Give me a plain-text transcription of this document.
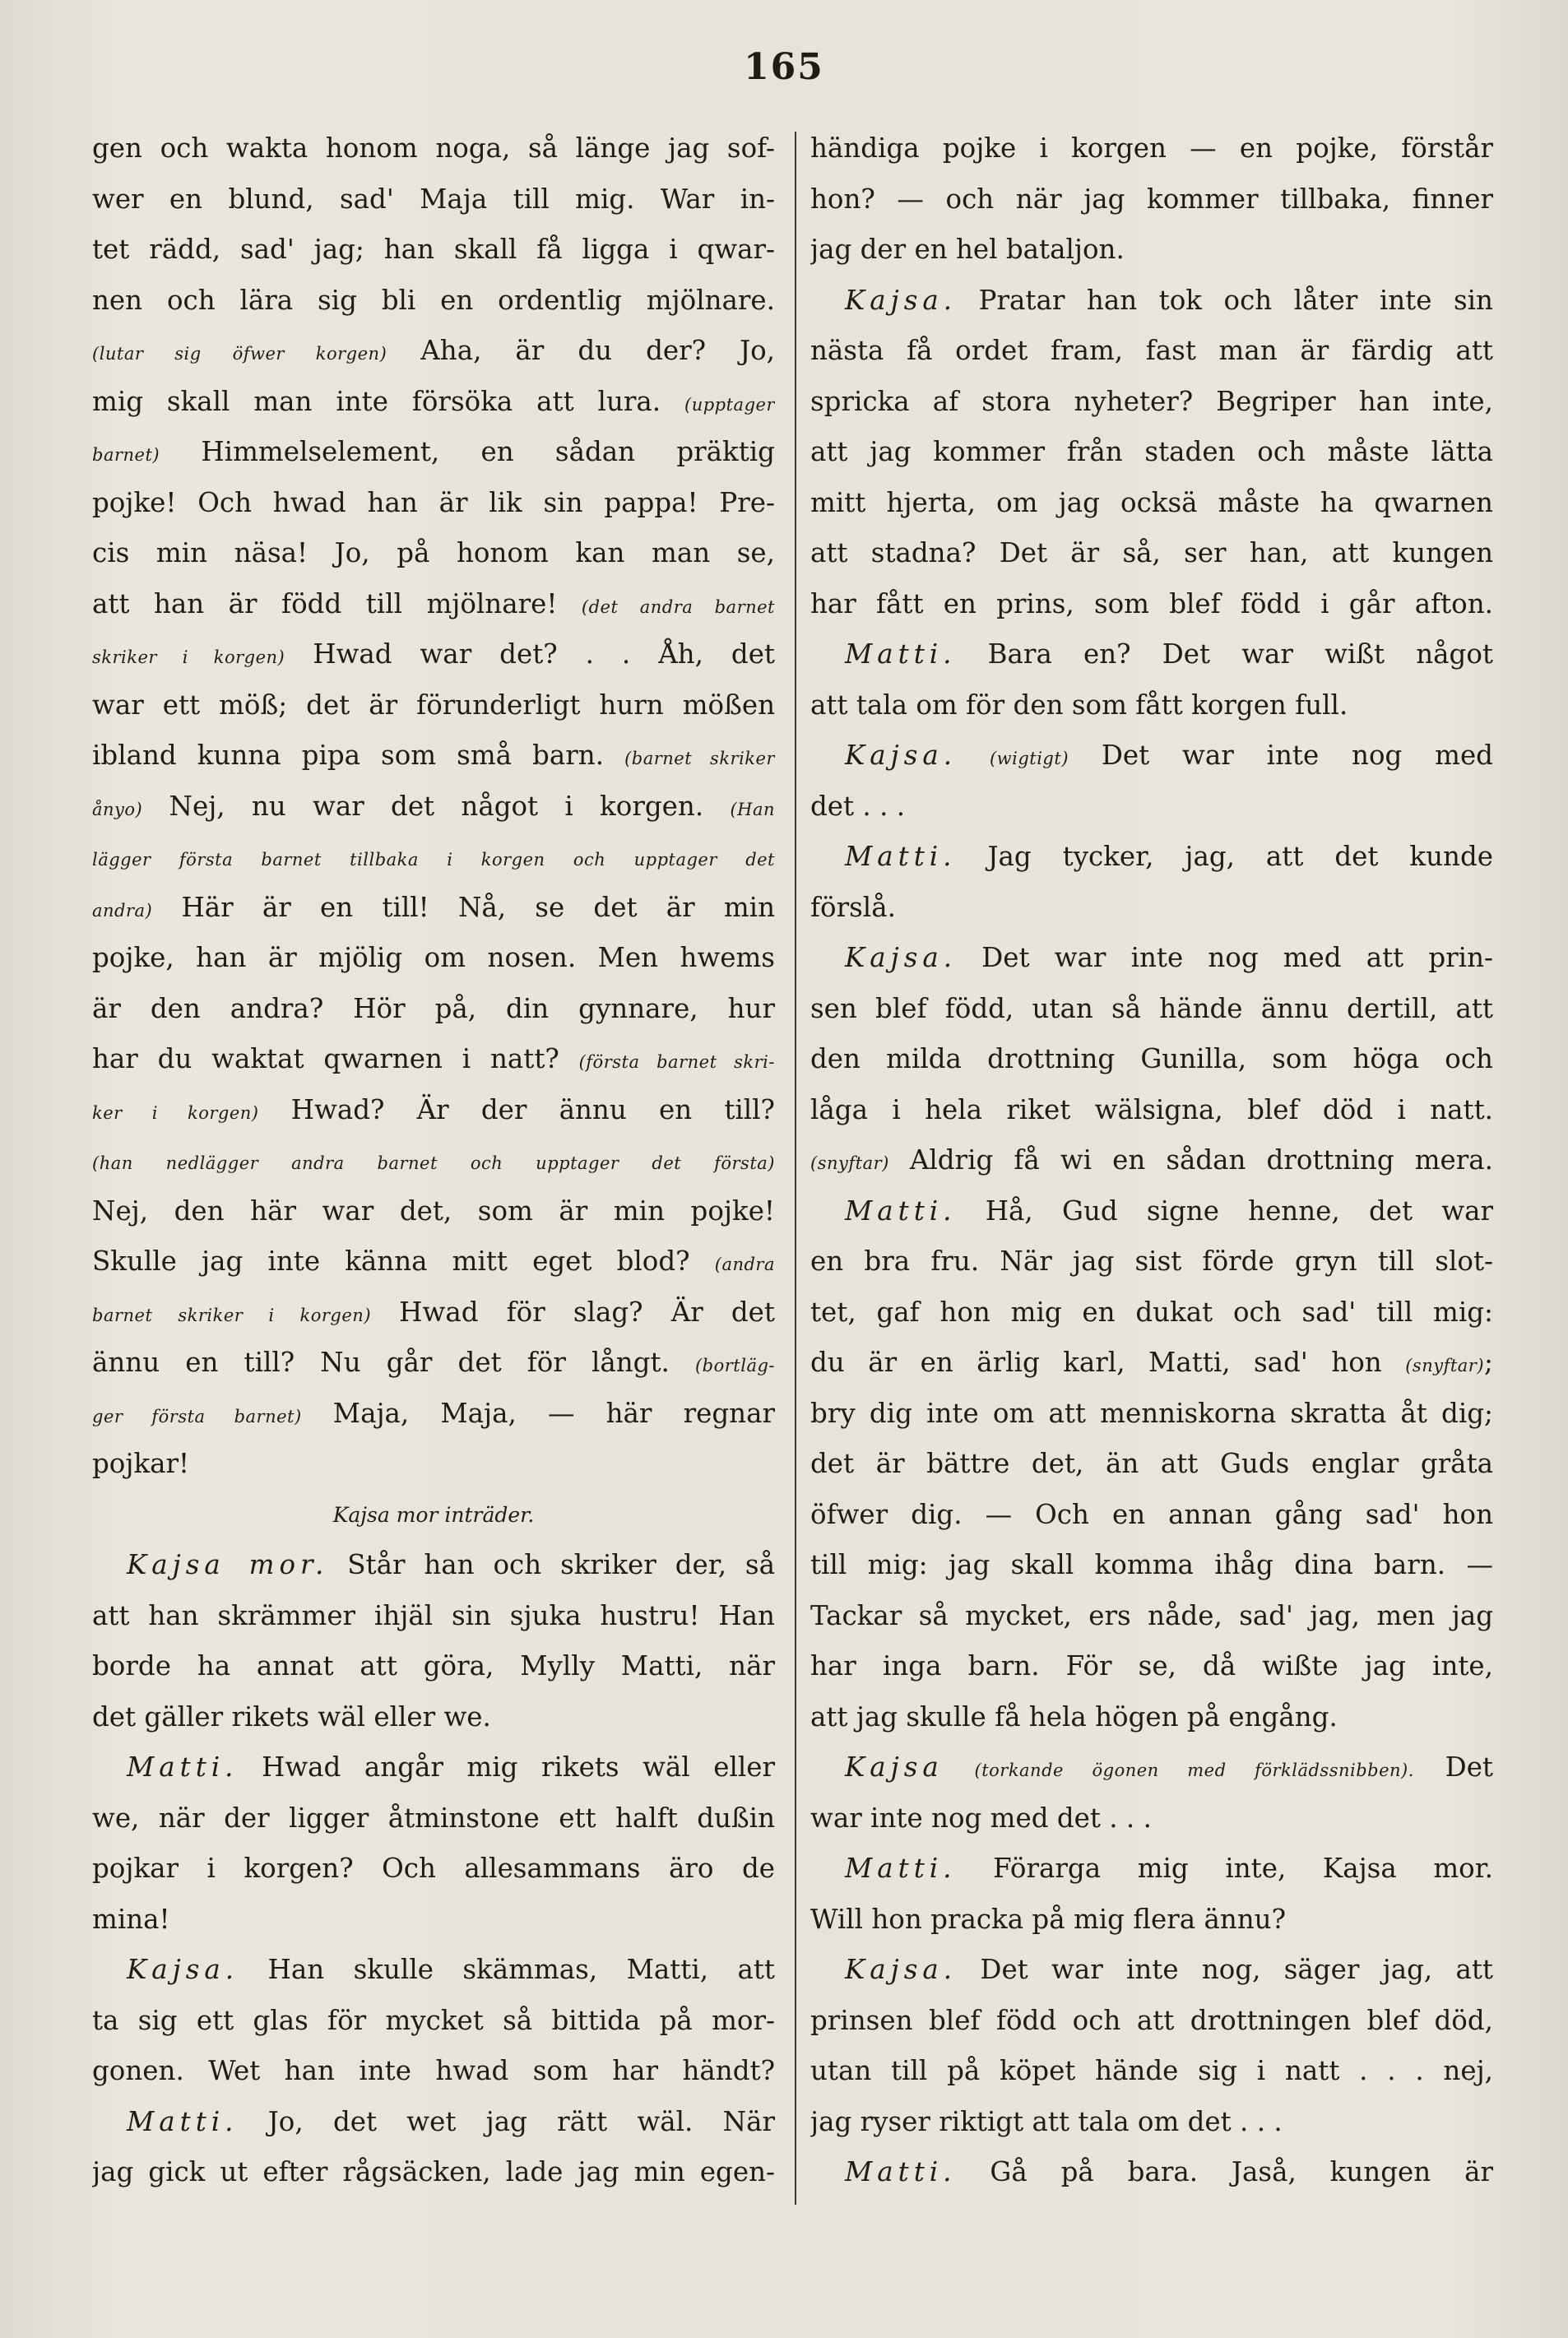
165
gen och wakta honom noga, så länge jag sof-
wer en blund, sad' Maja till mig. War in-
tet rädd, sad' jag; han skall få ligga i qwar-
nen och lära sig bli en ordentlig mjölnare.
(lutar sig öfwer korgen) Aha, är du der? Jo,
mig skall man inte försöka att lura. (upptager
barnet) Himmelselement, en sådan präktig
pojke! Och hwad han är lik sin pappa! Pre-
cis min näsa! Jo, på honom kan man se,
att han är född till mjölnare! (det andra barnet
skriker i korgen) Hwad war det? . . Åh, det
war ett möß; det är förunderligt hurn mößen
ibland kunna pipa som små barn. (barnet skriker
ånyo) Nej, nu war det något i korgen. (Han
lägger första barnet tillbaka i korgen och upptager det
andra) Här är en till! Nå, se det är min
pojke, han är mjölig om nosen. Men hwems
är den andra? Hör på, din gynnare, hur
har du waktat qwarnen i natt? (första barnet skri-
ker i korgen) Hwad? Är der ännu en till?
(han nedlägger andra barnet och upptager det första)
Nej, den här war det, som är min pojke!
Skulle jag inte känna mitt eget blod? (andra
barnet skriker i korgen) Hwad för slag? Är det
ännu en till? Nu går det för långt. (bortläg-
ger första barnet) Maja, Maja, — här regnar
pojkar!
Kajsa mor inträder.
Kajsa mor. Står han och skriker der, så
att han skrämmer ihjäl sin sjuka hustru! Han
borde ha annat att göra, Mylly Matti, när
det gäller rikets wäl eller we.
Matti. Hwad angår mig rikets wäl eller
we, när der ligger åtminstone ett halft dußin
pojkar i korgen? Och allesammans äro de
mina!
Kajsa. Han skulle skämmas, Matti, att
ta sig ett glas för mycket så bittida på mor-
gonen. Wet han inte hwad som har händt?
Matti. Jo, det wet jag rätt wäl. När
jag gick ut efter rågsäcken, lade jag min egen-
händiga pojke i korgen — en pojke, förstår
hon? — och när jag kommer tillbaka, finner
jag der en hel bataljon.
Kajsa. Pratar han tok och låter inte sin
nästa få ordet fram, fast man är färdig att
spricka af stora nyheter? Begriper han inte,
att jag kommer från staden och måste lätta
mitt hjerta, om jag ocksä måste ha qwarnen
att stadna? Det är så, ser han, att kungen
har fått en prins, som blef född i går afton.
Matti. Bara en? Det war wißt något
att tala om för den som fått korgen full.
Kajsa. (wigtigt) Det war inte nog med
det . . .
Matti. Jag tycker, jag, att det kunde
förslå.
Kajsa. Det war inte nog med att prin-
sen blef född, utan så hände ännu dertill, att
den milda drottning Gunilla, som höga och
låga i hela riket wälsigna, blef död i natt.
(snyftar) Aldrig få wi en sådan drottning mera.
Matti. Hå, Gud signe henne, det war
en bra fru. När jag sist förde gryn till slot-
tet, gaf hon mig en dukat och sad' till mig:
du är en ärlig karl, Matti, sad' hon (snyftar);
bry dig inte om att menniskorna skratta åt dig;
det är bättre det, än att Guds englar gråta
öfwer dig. — Och en annan gång sad' hon
till mig: jag skall komma ihåg dina barn. —
Tackar så mycket, ers nåde, sad' jag, men jag
har inga barn. För se, då wißte jag inte,
att jag skulle få hela högen på engång.
Kajsa (torkande ögonen med förklädssnibben). Det
war inte nog med det . . .
Matti. Förarga mig inte, Kajsa mor.
Will hon pracka på mig flera ännu?
Kajsa. Det war inte nog, säger jag, att
prinsen blef född och att drottningen blef död,
utan till på köpet hände sig i natt . . . nej,
jag ryser riktigt att tala om det . . .
Matti. Gå på bara. Jaså, kungen är
